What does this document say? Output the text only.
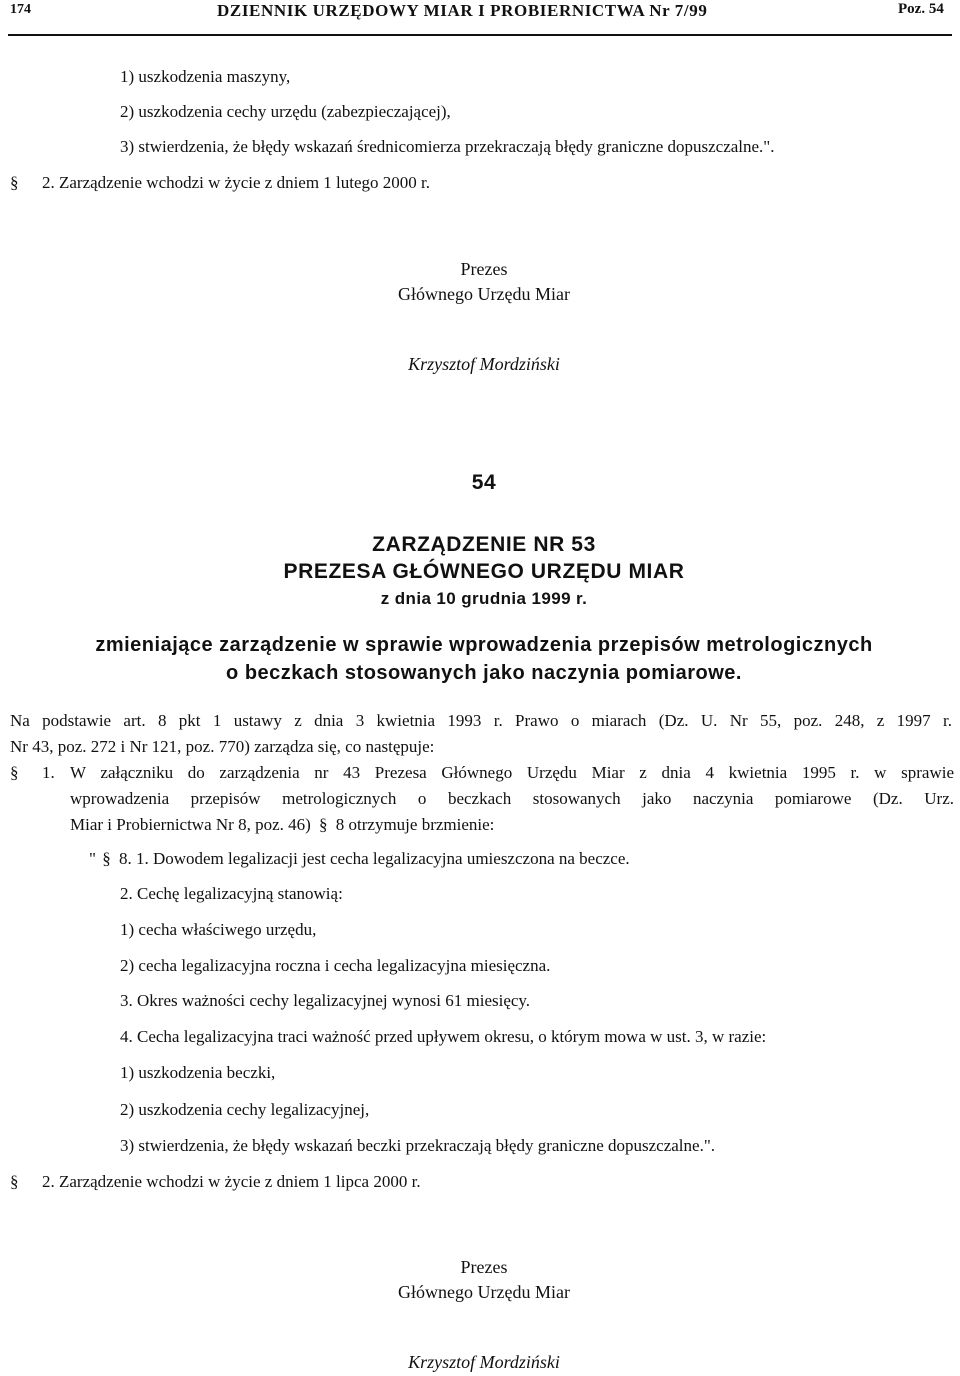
174	DZIENNIK URZĘDOWY MIAR I PROBIERNICTWA Nr 7/99	Poz. 54
1) uszkodzenia maszyny,
2) uszkodzenia cechy urzędu (zabezpieczającej),
3) stwierdzenia, że błędy wskazań średnicomierza przekraczają błędy graniczne dopuszczalne.".
§ 2. Zarządzenie wchodzi w życie z dniem 1 lutego 2000 r.
Prezes
Głównego Urzędu Miar
Krzysztof Mordziński
54
ZARZĄDZENIE NR 53
PREZESA GŁÓWNEGO URZĘDU MIAR
z dnia 10 grudnia 1999 r.
zmieniające zarządzenie w sprawie wprowadzenia przepisów metrologicznych
o beczkach stosowanych jako naczynia pomiarowe.
Na podstawie art. 8 pkt 1 ustawy z dnia 3 kwietnia 1993 r. Prawo o miarach (Dz. U. Nr 55, poz. 248, z 1997 r.
Nr 43, poz. 272 i Nr 121, poz. 770) zarządza się, co następuje:
§ 1. W załączniku do zarządzenia nr 43 Prezesa Głównego Urzędu Miar z dnia 4 kwietnia 1995 r. w sprawie
wprowadzenia przepisów metrologicznych o beczkach stosowanych jako naczynia pomiarowe (Dz. Urz.
Miar i Probiernictwa Nr 8, poz. 46) § 8 otrzymuje brzmienie:
" § 8. 1. Dowodem legalizacji jest cecha legalizacyjna umieszczona na beczce.
2. Cechę legalizacyjną stanowią:
1) cecha właściwego urzędu,
2) cecha legalizacyjna roczna i cecha legalizacyjna miesięczna.
3. Okres ważności cechy legalizacyjnej wynosi 61 miesięcy.
4. Cecha legalizacyjna traci ważność przed upływem okresu, o którym mowa w ust. 3, w razie:
1) uszkodzenia beczki,
2) uszkodzenia cechy legalizacyjnej,
3) stwierdzenia, że błędy wskazań beczki przekraczają błędy graniczne dopuszczalne.".
§ 2. Zarządzenie wchodzi w życie z dniem 1 lipca 2000 r.
Prezes
Głównego Urzędu Miar
Krzysztof Mordziński
